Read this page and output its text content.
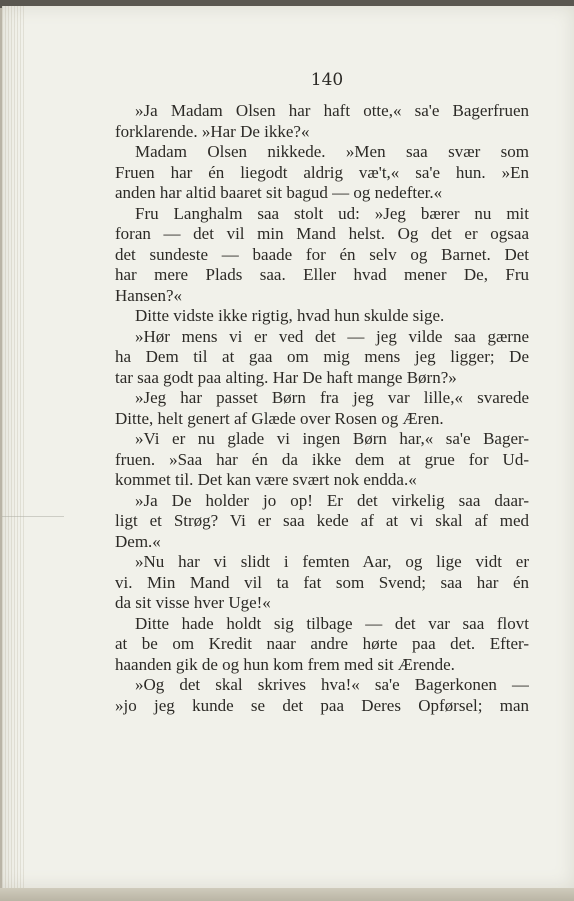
140
»Ja Madam Olsen har haft otte,« sa'e Bagerfruen
forklarende. »Har De ikke?«
Madam Olsen nikkede. »Men saa svær som
Fruen har én liegodt aldrig væ't,« sa'e hun. »En
anden har altid baaret sit bagud — og nedefter.«
Fru Langhalm saa stolt ud: »Jeg bærer nu mit
foran — det vil min Mand helst. Og det er ogsaa
det sundeste — baade for én selv og Barnet. Det
har mere Plads saa. Eller hvad mener De, Fru
Hansen?«
Ditte vidste ikke rigtig, hvad hun skulde sige.
»Hør mens vi er ved det — jeg vilde saa gærne
ha Dem til at gaa om mig mens jeg ligger; De
tar saa godt paa alting. Har De haft mange Børn?»
»Jeg har passet Børn fra jeg var lille,« svarede
Ditte, helt genert af Glæde over Rosen og Æren.
»Vi er nu glade vi ingen Børn har,« sa'e Bager-
fruen. »Saa har én da ikke dem at grue for Ud-
kommet til. Det kan være svært nok endda.«
»Ja De holder jo op! Er det virkelig saa daar-
ligt et Strøg? Vi er saa kede af at vi skal af med
Dem.«
»Nu har vi slidt i femten Aar, og lige vidt er
vi. Min Mand vil ta fat som Svend; saa har én
da sit visse hver Uge!«
Ditte hade holdt sig tilbage — det var saa flovt
at be om Kredit naar andre hørte paa det. Efter-
haanden gik de og hun kom frem med sit Ærende.
»Og det skal skrives hva!« sa'e Bagerkonen —
»jo jeg kunde se det paa Deres Opførsel; man
